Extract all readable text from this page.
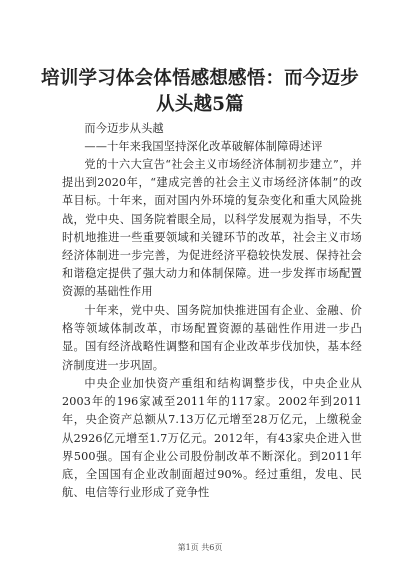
培训学习体会体悟感想感悟：而今迈步从头越5篇

而今迈步从头越

——十年来我国坚持深化改革破解体制障碍述评

党的十六大宣告“社会主义市场经济体制初步建立”，并提出到2020年，“建成完善的社会主义市场经济体制”的改革目标。十年来，面对国内外环境的复杂变化和重大风险挑战，党中央、国务院着眼全局，以科学发展观为指导，不失时机地推进一些重要领域和关键环节的改革，社会主义市场经济体制进一步完善，为促进经济平稳较快发展、保持社会和谐稳定提供了强大动力和体制保障。进一步发挥市场配置资源的基础性作用

十年来，党中央、国务院加快推进国有企业、金融、价格等领域体制改革，市场配置资源的基础性作用进一步凸显。国有经济战略性调整和国有企业改革步伐加快，基本经济制度进一步巩固。

中央企业加快资产重组和结构调整步伐，中央企业从2003年的196家减至2011年的117家。2002年到2011年，央企资产总额从7.13万亿元增至28万亿元，上缴税金从2926亿元增至1.7万亿元。2012年，有43家央企进入世界500强。国有企业公司股份制改革不断深化。到2011年底，全国国有企业改制面超过90%。经过重组，发电、民航、电信等行业形成了竞争性

第1页 共6页
